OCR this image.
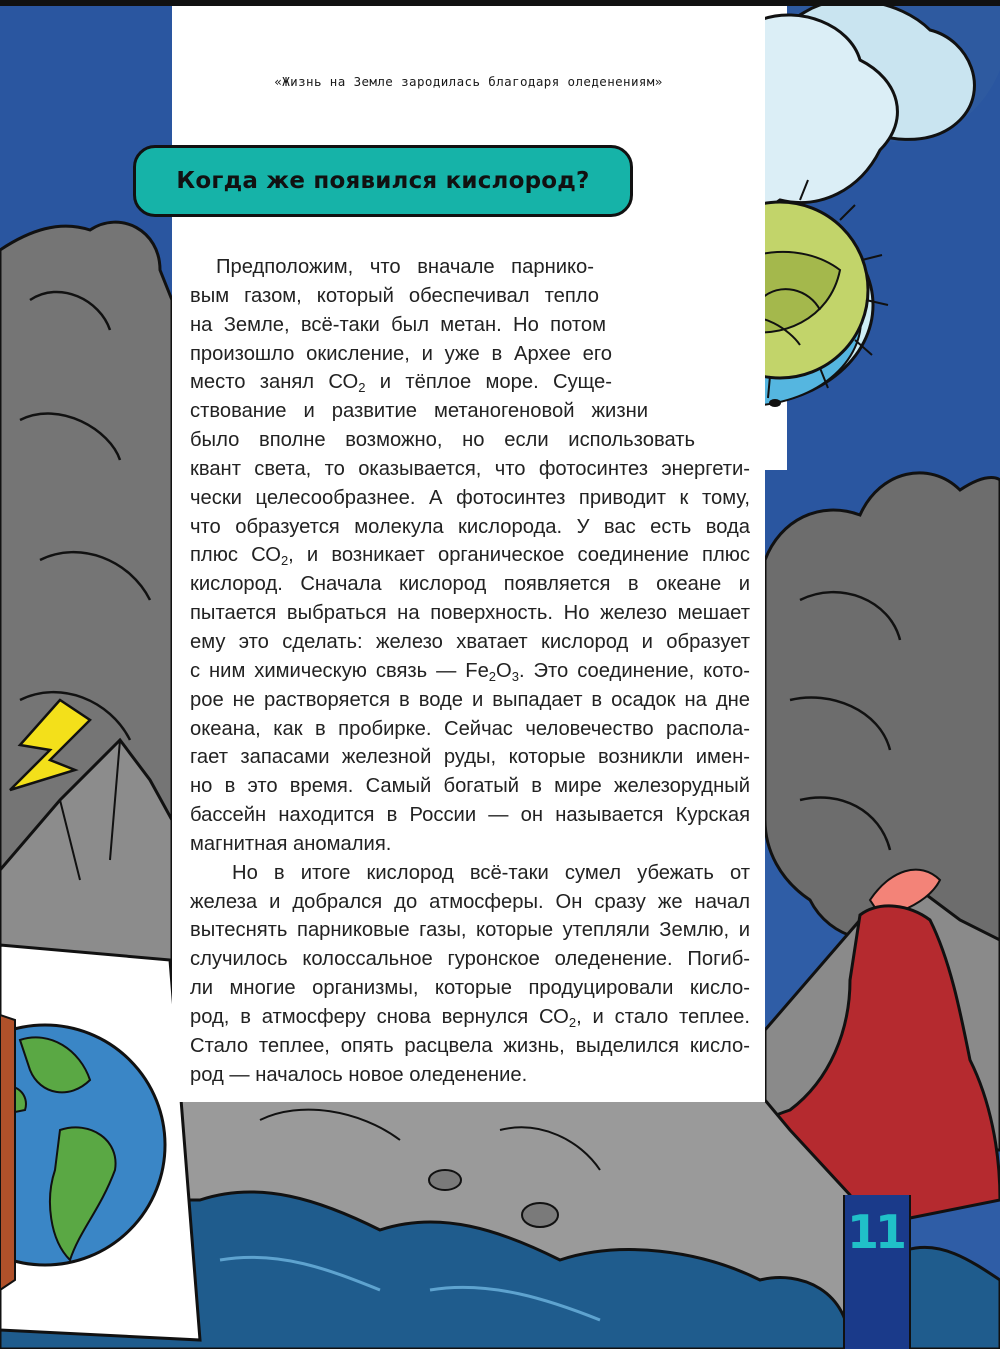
«Жизнь на Земле зародилась благодаря оледенениям»
Когда же появился кислород?
Предположим, что вначале парнико-
вым газом, который обеспечивал тепло
на Земле, всё-таки был метан. Но потом
произошло окисление, и уже в Архее его
место занял $СО_2$ и тёплое море. Суще-
ствование и развитие метаногеновой жизни
было вполне возможно, но если использовать
квант света, то оказывается, что фотосинтез энергети-
чески целесообразнее. А фотосинтез приводит к тому,
что образуется молекула кислорода. У вас есть вода
плюс $СО_2$, и возникает органическое соединение плюс
кислород. Сначала кислород появляется в океане и
пытается выбраться на поверхность. Но железо мешает
ему это сделать: железо хватает кислород и образует
с ним химическую связь — $Fe_2O_3$. Это соединение, кото-
рое не растворяется в воде и выпадает в осадок на дне
океана, как в пробирке. Сейчас человечество распола-
гает запасами железной руды, которые возникли имен-
но в это время. Самый богатый в мире железорудный
бассейн находится в России — он называется Курская
магнитная аномалия.
Но в итоге кислород всё-таки сумел убежать от
железа и добрался до атмосферы. Он сразу же начал
вытеснять парниковые газы, которые утепляли Землю, и
случилось колоссальное гуронское оледенение. Погиб-
ли многие организмы, которые продуцировали кисло-
род, в атмосферу снова вернулся $СО_2$, и стало теплее.
Стало теплее, опять расцвела жизнь, выделился кисло-
род — началось новое оледенение.
11
